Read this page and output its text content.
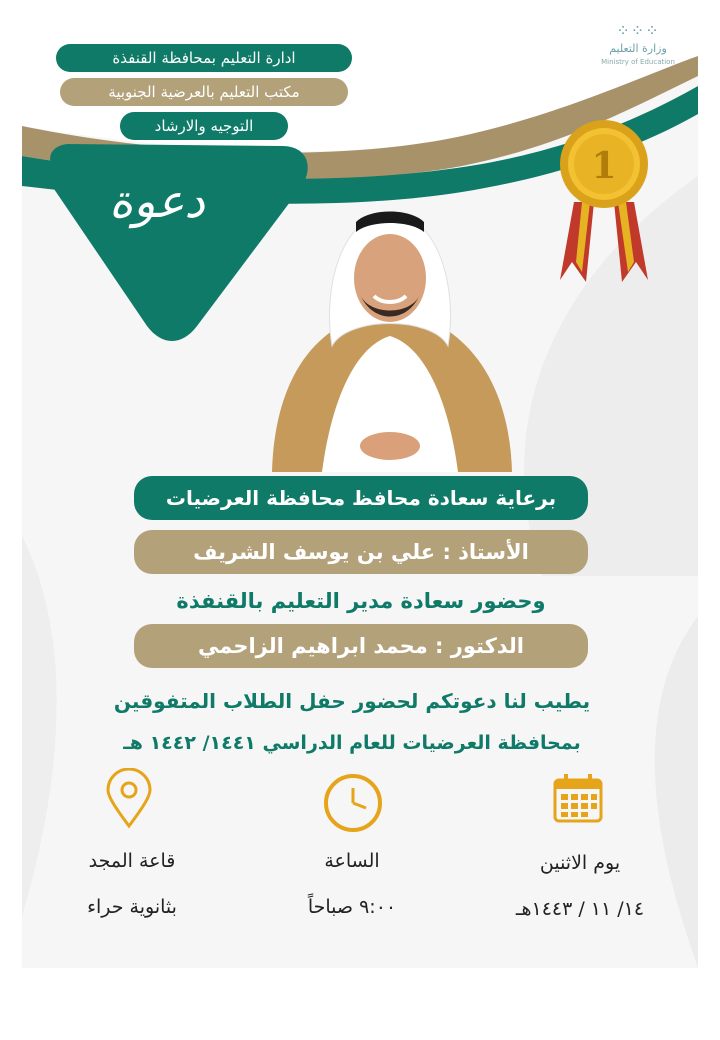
⁘⁘⁘
وزارة التعليم
Ministry of Education
ادارة التعليم بمحافظة القنفذة
مكتب التعليم بالعرضية الجنوبية
التوجيه والارشاد
دعوة
1
برعاية سعادة محافظ محافظة العرضيات
الأستاذ : علي بن يوسف الشريف
وحضور سعادة مدير التعليم بالقنفذة
الدكتور : محمد ابراهيم الزاحمي
يطيب لنا دعوتكم لحضور حفل الطلاب المتفوقين
بمحافظة العرضيات للعام الدراسي ١٤٤١/ ١٤٤٢ هـ
قاعة المجد
بثانوية حراء
الساعة
٩:٠٠ صباحاً
يوم الاثنين
١٤/ ١١ / ١٤٤٣هـ
